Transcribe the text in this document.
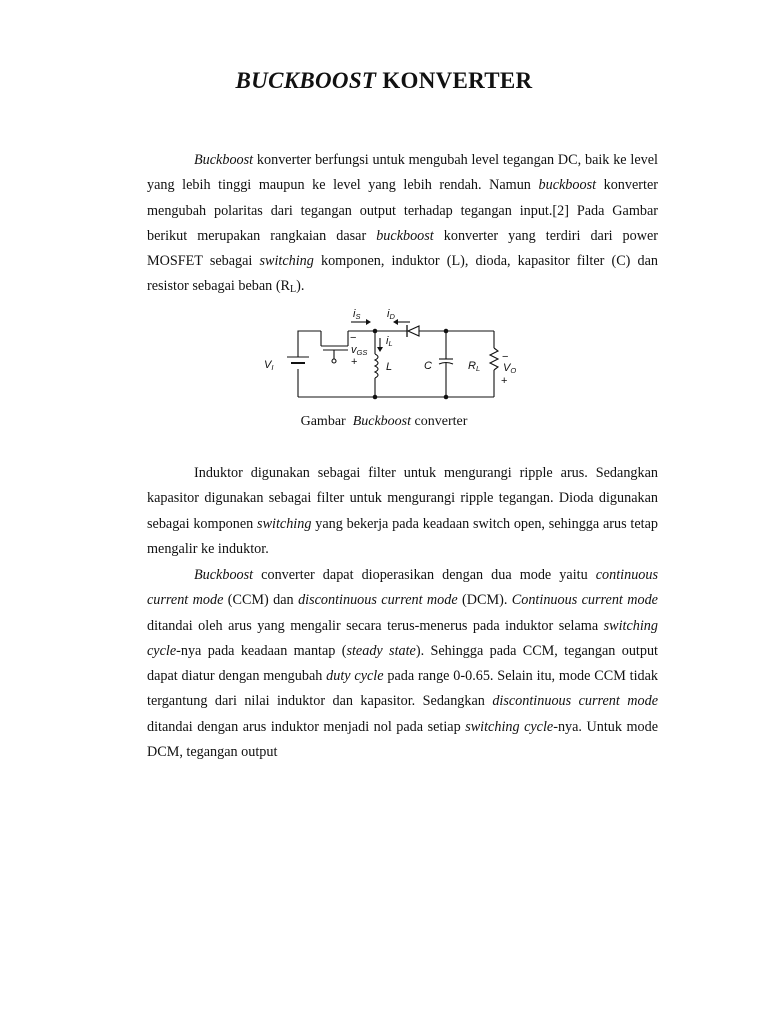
BUCKBOOST KONVERTER
Buckboost konverter berfungsi untuk mengubah level tegangan DC, baik ke level yang lebih tinggi maupun ke level yang lebih rendah. Namun buckboost konverter mengubah polaritas dari tegangan output terhadap tegangan input.[2] Pada Gambar berikut merupakan rangkaian dasar buckboost konverter yang terdiri dari power MOSFET sebagai switching komponen, induktor (L), dioda, kapasitor filter (C) dan resistor sebagai beban $(R_L)$.
VI
iS iD
iL
−
vGS
+	L	C	RL
−
VO
+
Gambar  Buckboost converter
Induktor digunakan sebagai filter untuk mengurangi ripple arus. Sedangkan kapasitor digunakan sebagai filter untuk mengurangi ripple tegangan. Dioda digunakan sebagai komponen switching yang bekerja pada keadaan switch open, sehingga arus tetap mengalir ke induktor.
Buckboost converter dapat dioperasikan dengan dua mode yaitu continuous current mode (CCM) dan discontinuous current mode (DCM). Continuous current mode ditandai oleh arus yang mengalir secara terus-menerus pada induktor selama switching cycle-nya pada keadaan mantap (steady state). Sehingga pada CCM, tegangan output dapat diatur dengan mengubah duty cycle pada range 0-0.65. Selain itu, mode CCM tidak tergantung dari nilai induktor dan kapasitor. Sedangkan discontinuous current mode ditandai dengan arus induktor menjadi nol pada setiap switching cycle-nya. Untuk mode DCM, tegangan output
